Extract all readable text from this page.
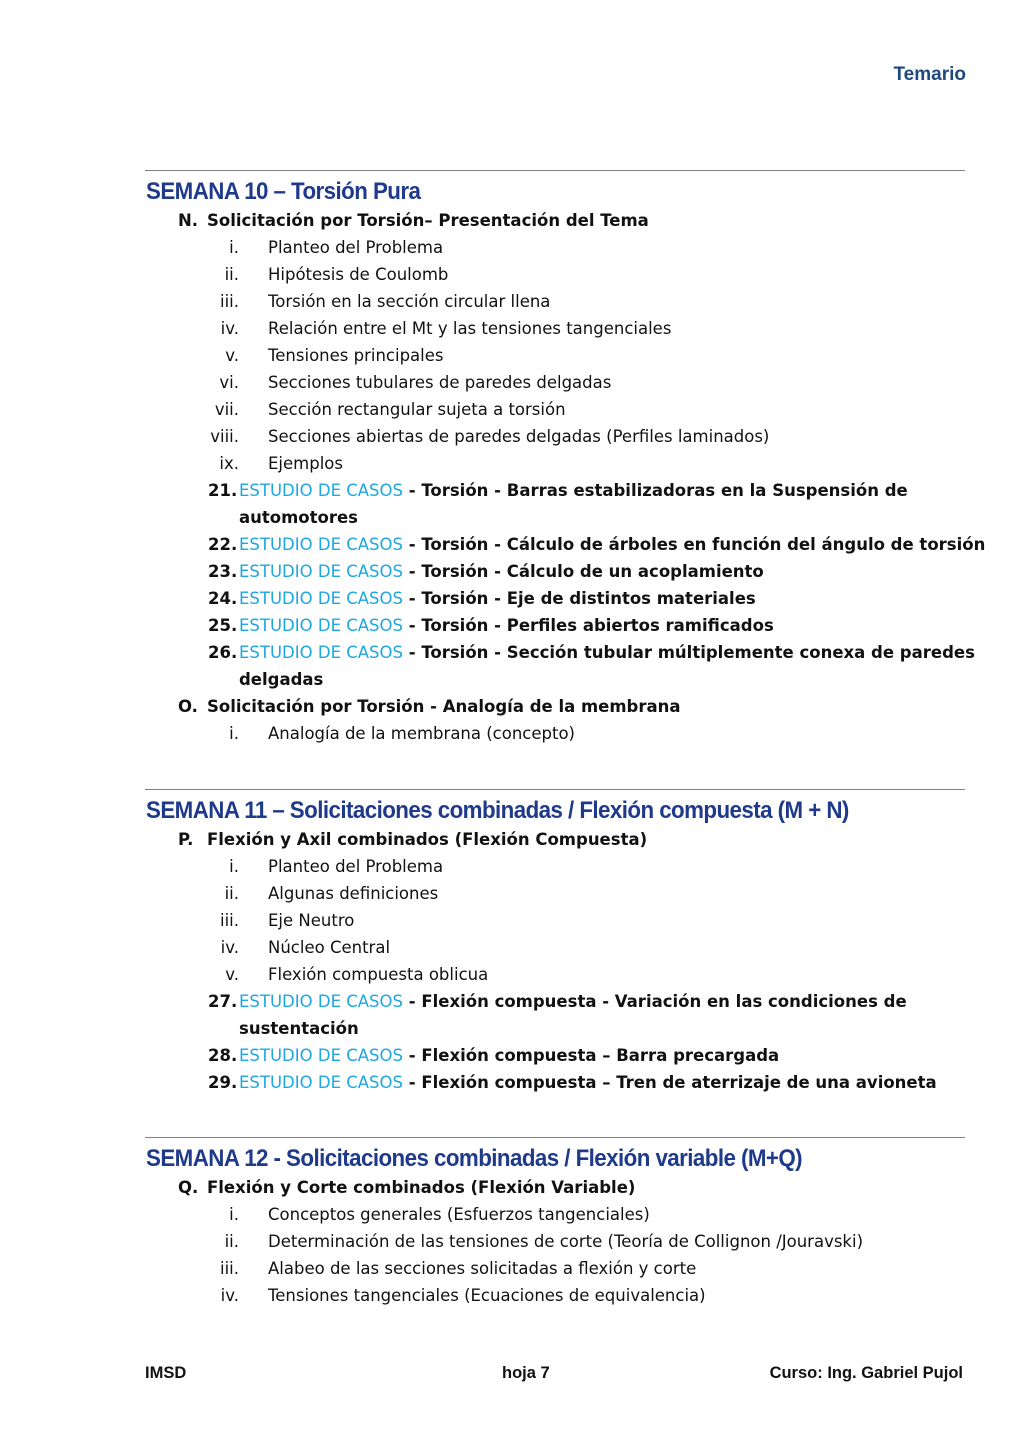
Temario
SEMANA 10 – Torsión Pura
N. Solicitación por Torsión– Presentación del Tema
i. Planteo del Problema
ii. Hipótesis de Coulomb
iii. Torsión en la sección circular llena
iv. Relación entre el Mt y las tensiones tangenciales
v. Tensiones principales
vi. Secciones tubulares de paredes delgadas
vii. Sección rectangular sujeta a torsión
viii. Secciones abiertas de paredes delgadas (Perfiles laminados)
ix. Ejemplos
21. ESTUDIO DE CASOS - Torsión - Barras estabilizadoras en la Suspensión de
automotores
22. ESTUDIO DE CASOS - Torsión - Cálculo de árboles en función del ángulo de torsión
23. ESTUDIO DE CASOS - Torsión - Cálculo de un acoplamiento
24. ESTUDIO DE CASOS - Torsión - Eje de distintos materiales
25. ESTUDIO DE CASOS - Torsión - Perfiles abiertos ramificados
26. ESTUDIO DE CASOS - Torsión - Sección tubular múltiplemente conexa de paredes
delgadas
O. Solicitación por Torsión - Analogía de la membrana
i. Analogía de la membrana (concepto)
SEMANA 11 – Solicitaciones combinadas / Flexión compuesta (M + N)
P. Flexión y Axil combinados (Flexión Compuesta)
i. Planteo del Problema
ii. Algunas definiciones
iii. Eje Neutro
iv. Núcleo Central
v. Flexión compuesta oblicua
27. ESTUDIO DE CASOS - Flexión compuesta - Variación en las condiciones de
sustentación
28. ESTUDIO DE CASOS - Flexión compuesta – Barra precargada
29. ESTUDIO DE CASOS - Flexión compuesta – Tren de aterrizaje de una avioneta
SEMANA 12 - Solicitaciones combinadas / Flexión variable (M+Q)
Q. Flexión y Corte combinados (Flexión Variable)
i. Conceptos generales (Esfuerzos tangenciales)
ii. Determinación de las tensiones de corte (Teoría de Collignon /Jouravski)
iii. Alabeo de las secciones solicitadas a flexión y corte
iv. Tensiones tangenciales (Ecuaciones de equivalencia)
IMSD	hoja 7	Curso: Ing. Gabriel Pujol
